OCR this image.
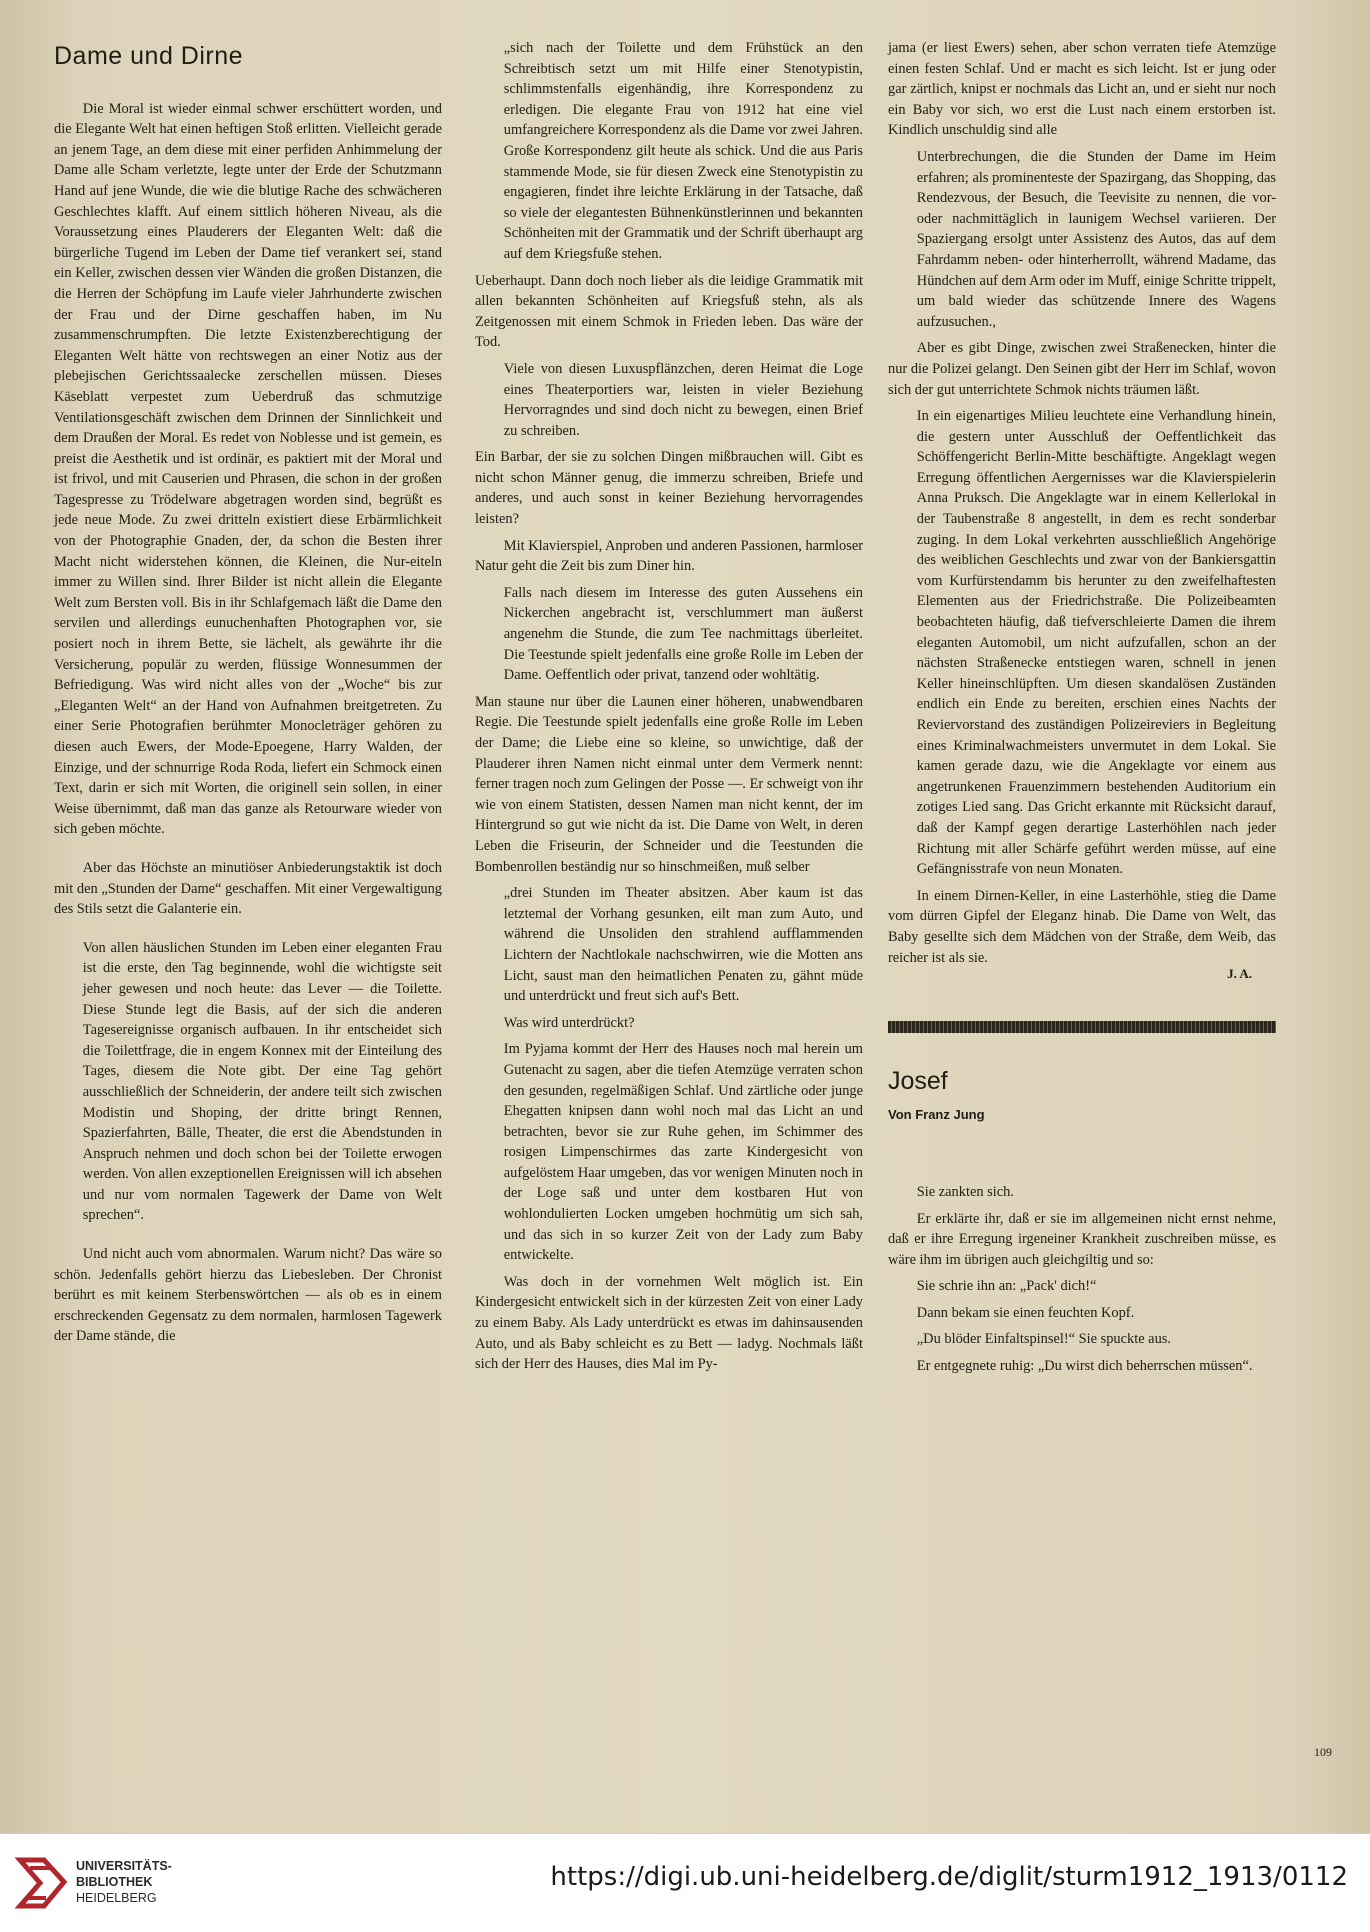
Dame und Dirne

Die Moral ist wieder einmal schwer erschüttert worden, und die Elegante Welt hat einen heftigen Stoß erlitten. Vielleicht gerade an jenem Tage, an dem diese mit einer perfiden Anhimmelung der Dame alle Scham verletzte, legte unter der Erde der Schutzmann Hand auf jene Wunde, die wie die blutige Rache des schwächeren Geschlechtes klafft. Auf einem sittlich höheren Niveau, als die Voraussetzung eines Plauderers der Eleganten Welt: daß die bürgerliche Tugend im Leben der Dame tief verankert sei, stand ein Keller, zwischen dessen vier Wänden die großen Distanzen, die die Herren der Schöpfung im Laufe vieler Jahrhunderte zwischen der Frau und der Dirne geschaffen haben, im Nu zusammenschrumpften. Die letzte Existenzberechtigung der Eleganten Welt hätte von rechtswegen an einer Notiz aus der plebejischen Gerichtssaalecke zerschellen müssen. Dieses Käseblatt verpestet zum Ueberdruß das schmutzige Ventilationsgeschäft zwischen dem Drinnen der Sinnlichkeit und dem Draußen der Moral. Es redet von Noblesse und ist gemein, es preist die Aesthetik und ist ordinär, es paktiert mit der Moral und ist frivol, und mit Causerien und Phrasen, die schon in der großen Tagespresse zu Trödelware abgetragen worden sind, begrüßt es jede neue Mode. Zu zwei dritteln existiert diese Erbärmlichkeit von der Photographie Gnaden, der, da schon die Besten ihrer Macht nicht widerstehen können, die Kleinen, die Nur-eiteln immer zu Willen sind. Ihrer Bilder ist nicht allein die Elegante Welt zum Bersten voll. Bis in ihr Schlafgemach läßt die Dame den servilen und allerdings eunuchenhaften Photographen vor, sie posiert noch in ihrem Bette, sie lächelt, als gewährte ihr die Versicherung, populär zu werden, flüssige Wonnesummen der Befriedigung. Was wird nicht alles von der „Woche“ bis zur „Eleganten Welt“ an der Hand von Aufnahmen breitgetreten. Zu einer Serie Photografien berühmter Monocleträger gehören zu diesen auch Ewers, der Mode-Epoegene, Harry Walden, der Einzige, und der schnurrige Roda Roda, liefert ein Schmock einen Text, darin er sich mit Worten, die originell sein sollen, in einer Weise übernimmt, daß man das ganze als Retourware wieder von sich geben möchte.

Aber das Höchste an minutiöser Anbiederungstaktik ist doch mit den „Stunden der Dame“ geschaffen. Mit einer Vergewaltigung des Stils setzt die Galanterie ein.

Von allen häuslichen Stunden im Leben einer eleganten Frau ist die erste, den Tag beginnende, wohl die wichtigste seit jeher gewesen und noch heute: das Lever — die Toilette. Diese Stunde legt die Basis, auf der sich die anderen Tagesereignisse organisch aufbauen. In ihr entscheidet sich die Toilettfrage, die in engem Konnex mit der Einteilung des Tages, diesem die Note gibt. Der eine Tag gehört ausschließlich der Schneiderin, der andere teilt sich zwischen Modistin und Shoping, der dritte bringt Rennen, Spazierfahrten, Bälle, Theater, die erst die Abendstunden in Anspruch nehmen und doch schon bei der Toilette erwogen werden. Von allen exzeptionellen Ereignissen will ich absehen und nur vom normalen Tagewerk der Dame von Welt sprechen“.

Und nicht auch vom abnormalen. Warum nicht? Das wäre so schön. Jedenfalls gehört hierzu das Liebesleben. Der Chronist berührt es mit keinem Sterbenswörtchen — als ob es in einem erschreckenden Gegensatz zu dem normalen, harmlosen Tagewerk der Dame stände, die

„sich nach der Toilette und dem Frühstück an den Schreibtisch setzt um mit Hilfe einer Stenotypistin, schlimmstenfalls eigenhändig, ihre Korrespondenz zu erledigen. Die elegante Frau von 1912 hat eine viel umfangreichere Korrespondenz als die Dame vor zwei Jahren. Große Korrespondenz gilt heute als schick. Und die aus Paris stammende Mode, sie für diesen Zweck eine Stenotypistin zu engagieren, findet ihre leichte Erklärung in der Tatsache, daß so viele der elegantesten Bühnenkünstlerinnen und bekannten Schönheiten mit der Grammatik und der Schrift überhaupt arg auf dem Kriegsfuße stehen.

Ueberhaupt. Dann doch noch lieber als die leidige Grammatik mit allen bekannten Schönheiten auf Kriegsfuß stehn, als als Zeitgenossen mit einem Schmok in Frieden leben. Das wäre der Tod.

Viele von diesen Luxuspflänzchen, deren Heimat die Loge eines Theaterportiers war, leisten in vieler Beziehung Hervorragndes und sind doch nicht zu bewegen, einen Brief zu schreiben.

Ein Barbar, der sie zu solchen Dingen mißbrauchen will. Gibt es nicht schon Männer genug, die immerzu schreiben, Briefe und anderes, und auch sonst in keiner Beziehung hervorragendes leisten?

Mit Klavierspiel, Anproben und anderen Passionen, harmloser Natur geht die Zeit bis zum Diner hin.

Falls nach diesem im Interesse des guten Aussehens ein Nickerchen angebracht ist, verschlummert man äußerst angenehm die Stunde, die zum Tee nachmittags überleitet. Die Teestunde spielt jedenfalls eine große Rolle im Leben der Dame. Oeffentlich oder privat, tanzend oder wohltätig.

Man staune nur über die Launen einer höheren, unabwendbaren Regie. Die Teestunde spielt jedenfalls eine große Rolle im Leben der Dame; die Liebe eine so kleine, so unwichtige, daß der Plauderer ihren Namen nicht einmal unter dem Vermerk nennt: ferner tragen noch zum Gelingen der Posse —. Er schweigt von ihr wie von einem Statisten, dessen Namen man nicht kennt, der im Hintergrund so gut wie nicht da ist. Die Dame von Welt, in deren Leben die Friseurin, der Schneider und die Teestunden die Bombenrollen beständig nur so hinschmeißen, muß selber

„drei Stunden im Theater absitzen. Aber kaum ist das letztemal der Vorhang gesunken, eilt man zum Auto, und während die Unsoliden den strahlend aufflammenden Lichtern der Nachtlokale nachschwirren, wie die Motten ans Licht, saust man den heimatlichen Penaten zu, gähnt müde und unterdrückt und freut sich auf's Bett.

Was wird unterdrückt?

Im Pyjama kommt der Herr des Hauses noch mal herein um Gutenacht zu sagen, aber die tiefen Atemzüge verraten schon den gesunden, regelmäßigen Schlaf. Und zärtliche oder junge Ehegatten knipsen dann wohl noch mal das Licht an und betrachten, bevor sie zur Ruhe gehen, im Schimmer des rosigen Limpenschirmes das zarte Kindergesicht von aufgelöstem Haar umgeben, das vor wenigen Minuten noch in der Loge saß und unter dem kostbaren Hut von wohlondulierten Locken umgeben hochmütig um sich sah, und das sich in so kurzer Zeit von der Lady zum Baby entwickelte.

Was doch in der vornehmen Welt möglich ist. Ein Kindergesicht entwickelt sich in der kürzesten Zeit von einer Lady zu einem Baby. Als Lady unterdrückt es etwas im dahinsausenden Auto, und als Baby schleicht es zu Bett — ladyg. Nochmals läßt sich der Herr des Hauses, dies Mal im Py-

jama (er liest Ewers) sehen, aber schon verraten tiefe Atemzüge einen festen Schlaf. Und er macht es sich leicht. Ist er jung oder gar zärtlich, knipst er nochmals das Licht an, und er sieht nur noch ein Baby vor sich, wo erst die Lust nach einem erstorben ist. Kindlich unschuldig sind alle

Unterbrechungen, die die Stunden der Dame im Heim erfahren; als prominenteste der Spazirgang, das Shopping, das Rendezvous, der Besuch, die Teevisite zu nennen, die vor- oder nachmittäglich in launigem Wechsel variieren. Der Spaziergang ersolgt unter Assistenz des Autos, das auf dem Fahrdamm neben- oder hinterherrollt, während Madame, das Hündchen auf dem Arm oder im Muff, einige Schritte trippelt, um bald wieder das schützende Innere des Wagens aufzusuchen.,

Aber es gibt Dinge, zwischen zwei Straßenecken, hinter die nur die Polizei gelangt. Den Seinen gibt der Herr im Schlaf, wovon sich der gut unterrichtete Schmok nichts träumen läßt.

In ein eigenartiges Milieu leuchtete eine Verhandlung hinein, die gestern unter Ausschluß der Oeffentlichkeit das Schöffengericht Berlin-Mitte beschäftigte. Angeklagt wegen Erregung öffentlichen Aergernisses war die Klavierspielerin Anna Pruksch. Die Angeklagte war in einem Kellerlokal in der Taubenstraße 8 angestellt, in dem es recht sonderbar zuging. In dem Lokal verkehrten ausschließlich Angehörige des weiblichen Geschlechts und zwar von der Bankiersgattin vom Kurfürstendamm bis herunter zu den zweifelhaftesten Elementen aus der Friedrichstraße. Die Polizeibeamten beobachteten häufig, daß tiefverschleierte Damen die ihrem eleganten Automobil, um nicht aufzufallen, schon an der nächsten Straßenecke entstiegen waren, schnell in jenen Keller hineinschlüpften. Um diesen skandalösen Zuständen endlich ein Ende zu bereiten, erschien eines Nachts der Reviervorstand des zuständigen Polizeireviers in Begleitung eines Kriminalwachmeisters unvermutet in dem Lokal. Sie kamen gerade dazu, wie die Angeklagte vor einem aus angetrunkenen Frauenzimmern bestehenden Auditorium ein zotiges Lied sang. Das Gricht erkannte mit Rücksicht darauf, daß der Kampf gegen derartige Lasterhöhlen nach jeder Richtung mit aller Schärfe geführt werden müsse, auf eine Gefängnisstrafe von neun Monaten.

In einem Dirnen-Keller, in eine Lasterhöhle, stieg die Dame vom dürren Gipfel der Eleganz hinab. Die Dame von Welt, das Baby gesellte sich dem Mädchen von der Straße, dem Weib, das reicher ist als sie.

J. A.
Josef
Von Franz Jung

Sie zankten sich.

Er erklärte ihr, daß er sie im allgemeinen nicht ernst nehme, daß er ihre Erregung irgeneiner Krankheit zuschreiben müsse, es wäre ihm im übrigen auch gleichgiltig und so:

Sie schrie ihn an: „Pack' dich!“

Dann bekam sie einen feuchten Kopf.

„Du blöder Einfaltspinsel!“ Sie spuckte aus.

Er entgegnete ruhig: „Du wirst dich beherrschen müssen“.

109
UNIVERSITÄTS-
BIBLIOTHEK
HEIDELBERG
https://digi.ub.uni-heidelberg.de/diglit/sturm1912_1913/0112
